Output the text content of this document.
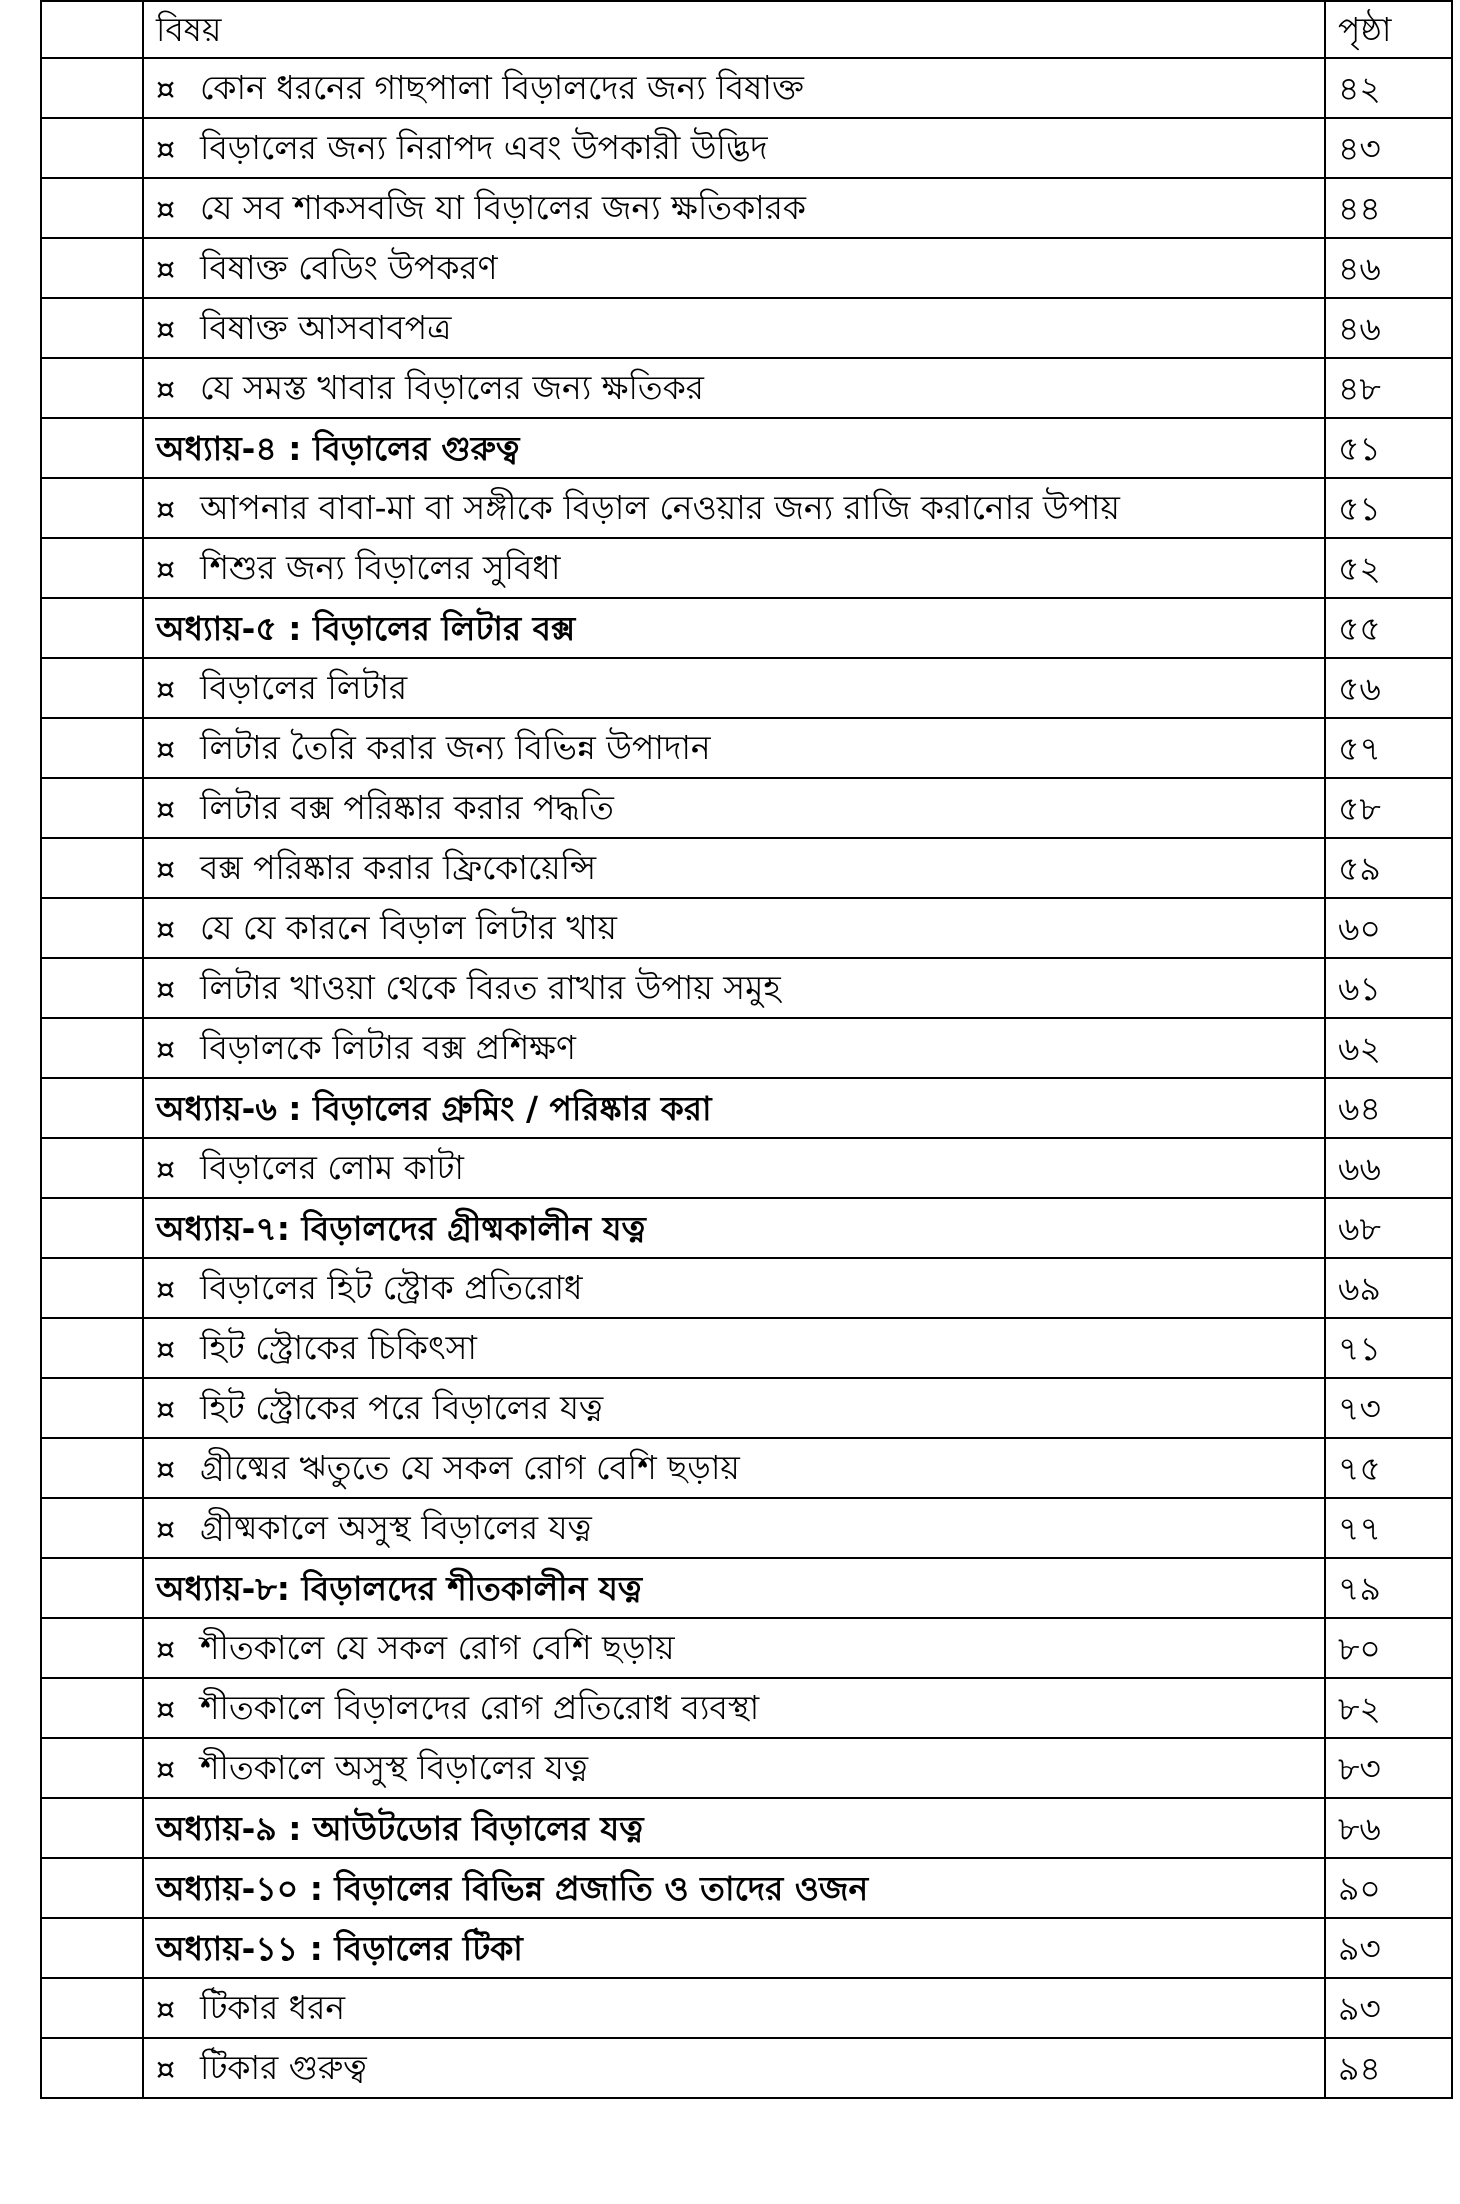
	বিষয়	পৃষ্ঠা
	¤ কোন ধরনের গাছপালা বিড়ালদের জন্য বিষাক্ত	৪২
	¤ বিড়ালের জন্য নিরাপদ এবং উপকারী উদ্ভিদ	৪৩
	¤ যে সব শাকসবজি যা বিড়ালের জন্য ক্ষতিকারক	৪৪
	¤ বিষাক্ত বেডিং উপকরণ	৪৬
	¤ বিষাক্ত আসবাবপত্র	৪৬
	¤ যে সমস্ত খাবার বিড়ালের জন্য ক্ষতিকর	৪৮
	অধ্যায়-৪ : বিড়ালের গুরুত্ব	৫১
	¤ আপনার বাবা-মা বা সঙ্গীকে বিড়াল নেওয়ার জন্য রাজি করানোর উপায়	৫১
	¤ শিশুর জন্য বিড়ালের সুবিধা	৫২
	অধ্যায়-৫ : বিড়ালের লিটার বক্স	৫৫
	¤ বিড়ালের লিটার	৫৬
	¤ লিটার তৈরি করার জন্য বিভিন্ন উপাদান	৫৭
	¤ লিটার বক্স পরিষ্কার করার পদ্ধতি	৫৮
	¤ বক্স পরিষ্কার করার ফ্রিকোয়েন্সি	৫৯
	¤ যে যে কারনে বিড়াল লিটার খায়	৬০
	¤ লিটার খাওয়া থেকে বিরত রাখার উপায় সমুহ	৬১
	¤ বিড়ালকে লিটার বক্স প্রশিক্ষণ	৬২
	অধ্যায়-৬ : বিড়ালের গ্রুমিং / পরিষ্কার করা	৬৪
	¤ বিড়ালের লোম কাটা	৬৬
	অধ্যায়-৭: বিড়ালদের গ্রীষ্মকালীন যত্ন	৬৮
	¤ বিড়ালের হিট স্ট্রোক প্রতিরোধ	৬৯
	¤ হিট স্ট্রোকের চিকিৎসা	৭১
	¤ হিট স্ট্রোকের পরে বিড়ালের যত্ন	৭৩
	¤ গ্রীষ্মের ঋতুতে যে সকল রোগ বেশি ছড়ায়	৭৫
	¤ গ্রীষ্মকালে অসুস্থ বিড়ালের যত্ন	৭৭
	অধ্যায়-৮: বিড়ালদের শীতকালীন যত্ন	৭৯
	¤ শীতকালে যে সকল রোগ বেশি ছড়ায়	৮০
	¤ শীতকালে বিড়ালদের রোগ প্রতিরোধ ব্যবস্থা	৮২
	¤ শীতকালে অসুস্থ বিড়ালের যত্ন	৮৩
	অধ্যায়-৯ : আউটডোর বিড়ালের যত্ন	৮৬
	অধ্যায়-১০ : বিড়ালের বিভিন্ন প্রজাতি ও তাদের ওজন	৯০
	অধ্যায়-১১ : বিড়ালের টিকা	৯৩
	¤ টিকার ধরন	৯৩
	¤ টিকার গুরুত্ব	৯৪
